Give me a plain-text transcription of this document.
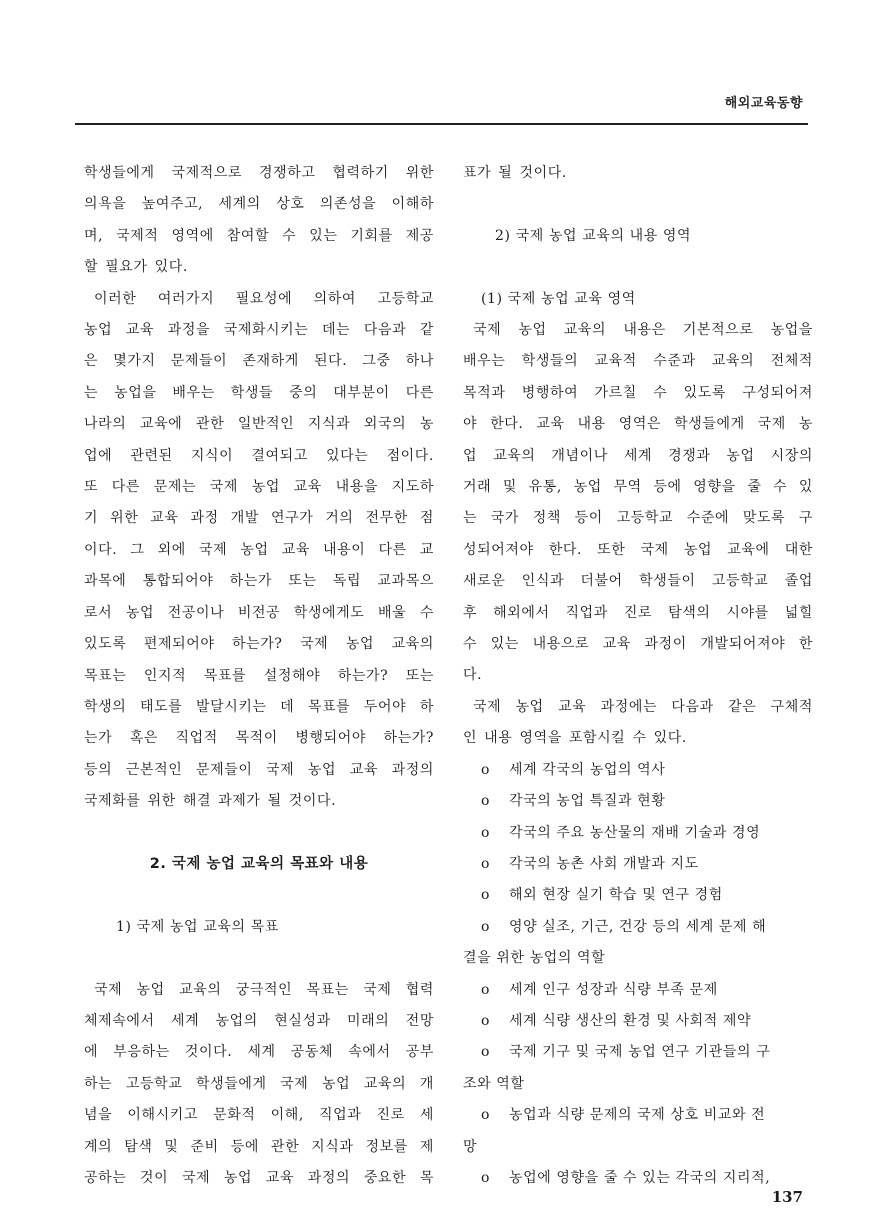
해외교육동향

학생들에게 국제적으로 경쟁하고 협력하기 위한

의욕을 높여주고, 세계의 상호 의존성을 이해하

며, 국제적 영역에 참여할 수 있는 기회를 제공

할 필요가 있다.

이러한 여러가지 필요성에 의하여 고등학교

농업 교육 과정을 국제화시키는 데는 다음과 같

은 몇가지 문제들이 존재하게 된다. 그중 하나

는 농업을 배우는 학생들 중의 대부분이 다른

나라의 교육에 관한 일반적인 지식과 외국의 농

업에 관련된 지식이 결여되고 있다는 점이다.

또 다른 문제는 국제 농업 교육 내용을 지도하

기 위한 교육 과정 개발 연구가 거의 전무한 점

이다. 그 외에 국제 농업 교육 내용이 다른 교

과목에 통합되어야 하는가 또는 독립 교과목으

로서 농업 전공이나 비전공 학생에게도 배울 수

있도록 편제되어야 하는가? 국제 농업 교육의

목표는 인지적 목표를 설정해야 하는가? 또는

학생의 태도를 발달시키는 데 목표를 두어야 하

는가 혹은 직업적 목적이 병행되어야 하는가?

등의 근본적인 문제들이 국제 농업 교육 과정의

국제화를 위한 해결 과제가 될 것이다.

2. 국제 농업 교육의 목표와 내용

1) 국제 농업 교육의 목표

국제 농업 교육의 궁극적인 목표는 국제 협력

체제속에서 세계 농업의 현실성과 미래의 전망

에 부응하는 것이다. 세계 공동체 속에서 공부

하는 고등학교 학생들에게 국제 농업 교육의 개

념을 이해시키고 문화적 이해, 직업과 진로 세

계의 탐색 및 준비 등에 관한 지식과 정보를 제

공하는 것이 국제 농업 교육 과정의 중요한 목

표가 될 것이다.

2) 국제 농업 교육의 내용 영역

(1) 국제 농업 교육 영역

국제 농업 교육의 내용은 기본적으로 농업을

배우는 학생들의 교육적 수준과 교육의 전체적

목적과 병행하여 가르칠 수 있도록 구성되어져

야 한다. 교육 내용 영역은 학생들에게 국제 농

업 교육의 개념이나 세계 경쟁과 농업 시장의

거래 및 유통, 농업 무역 등에 영향을 줄 수 있

는 국가 정책 등이 고등학교 수준에 맞도록 구

성되어져야 한다. 또한 국제 농업 교육에 대한

새로운 인식과 더불어 학생들이 고등학교 졸업

후 해외에서 직업과 진로 탐색의 시야를 넓힐

수 있는 내용으로 교육 과정이 개발되어져야 한

다.

국제 농업 교육 과정에는 다음과 같은 구체적

인 내용 영역을 포함시킬 수 있다.

o 세계 각국의 농업의 역사

o 각국의 농업 특질과 현황

o 각국의 주요 농산물의 재배 기술과 경영

o 각국의 농촌 사회 개발과 지도

o 해외 현장 실기 학습 및 연구 경험

o 영양 실조, 기근, 건강 등의 세계 문제 해

결을 위한 농업의 역할

o 세계 인구 성장과 식량 부족 문제

o 세계 식량 생산의 환경 및 사회적 제약

o 국제 기구 및 국제 농업 연구 기관들의 구

조와 역할

o 농업과 식량 문제의 국제 상호 비교와 전

망

o 농업에 영향을 줄 수 있는 각국의 지리적,

137
